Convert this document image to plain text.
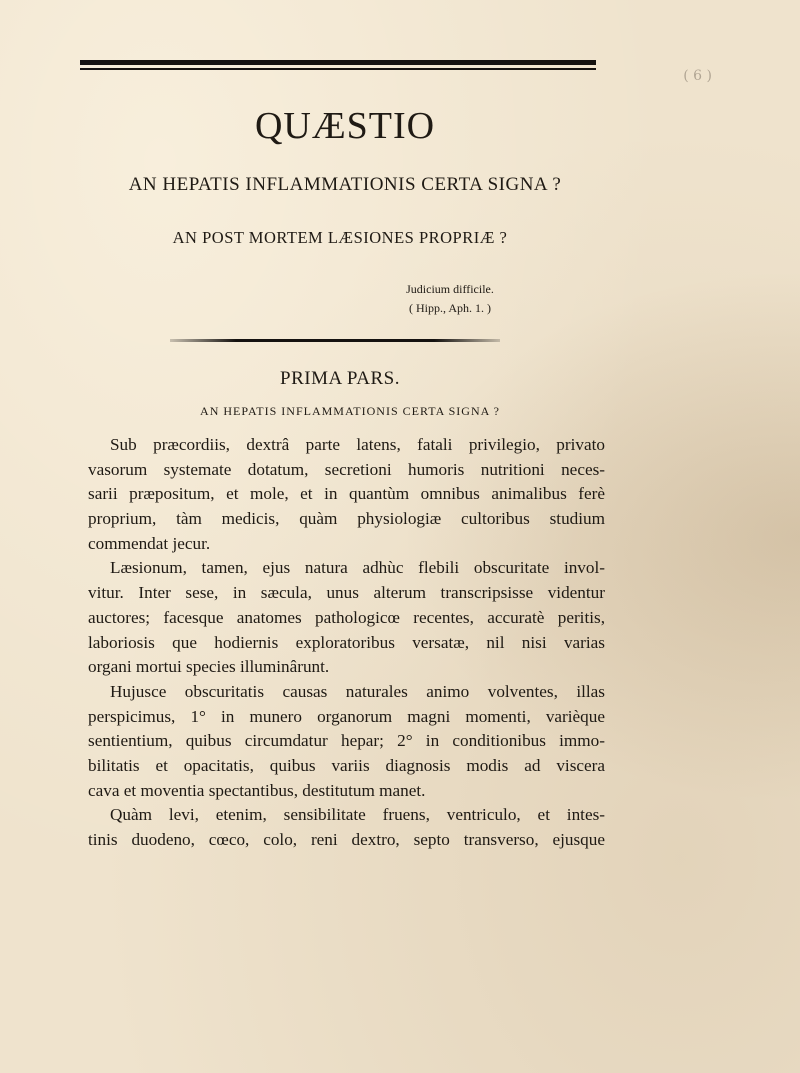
( 6 )
QUÆSTIO
AN HEPATIS INFLAMMATIONIS CERTA SIGNA ?
AN POST MORTEM LÆSIONES PROPRIÆ ?
Judicium difficile.
( Hipp., Aph. 1. )
PRIMA PARS.
AN HEPATIS INFLAMMATIONIS CERTA SIGNA ?
Sub præcordiis, dextrâ parte latens, fatali privilegio, privato
vasorum systemate dotatum, secretioni humoris nutritioni neces-
sarii præpositum, et mole, et in quantùm omnibus animalibus ferè
proprium, tàm medicis, quàm physiologiæ cultoribus studium
commendat jecur.
Læsionum, tamen, ejus natura adhùc flebili obscuritate invol-
vitur. Inter sese, in sæcula, unus alterum transcripsisse videntur
auctores; facesque anatomes pathologicœ recentes, accuratè peritis,
laboriosis que hodiernis exploratoribus versatæ, nil nisi varias
organi mortui species illuminârunt.
Hujusce obscuritatis causas naturales animo volventes, illas
perspicimus, 1° in munero organorum magni momenti, varièque
sentientium, quibus circumdatur hepar; 2° in conditionibus immo-
bilitatis et opacitatis, quibus variis diagnosis modis ad viscera
cava et moventia spectantibus, destitutum manet.
Quàm levi, etenim, sensibilitate fruens, ventriculo, et intes-
tinis duodeno, cœco, colo, reni dextro, septo transverso, ejusque
